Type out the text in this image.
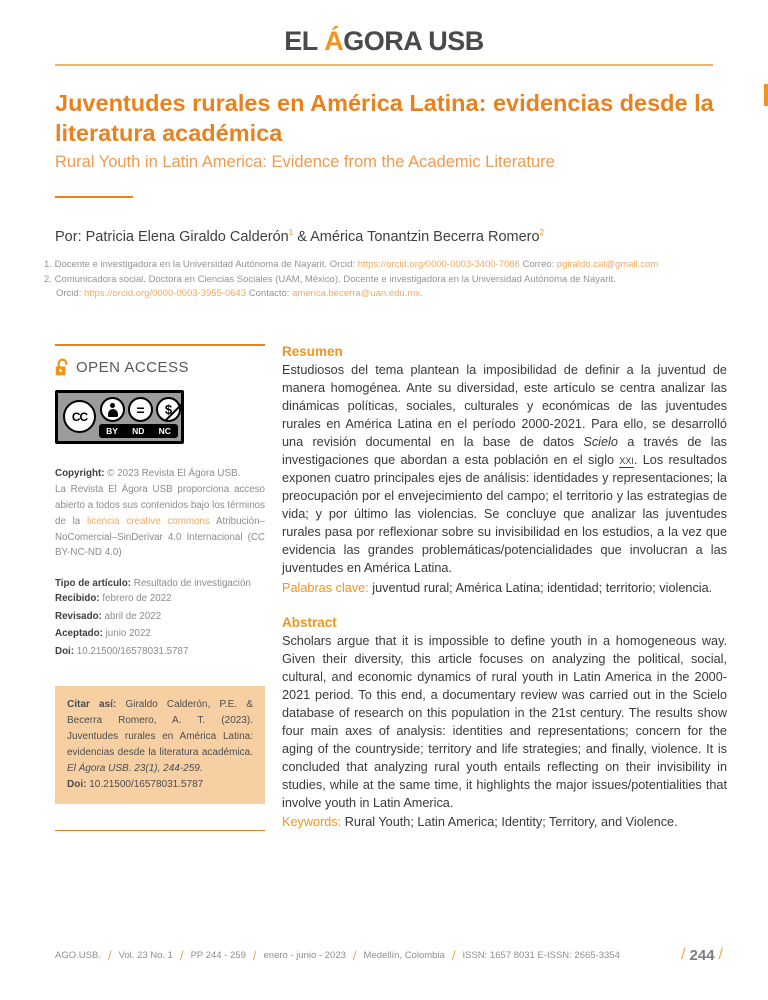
EL ÁGORA USB
Juventudes rurales en América Latina: evidencias desde la literatura académica
Rural Youth in Latin America: Evidence from the Academic Literature

Por: Patricia Elena Giraldo Calderón$^1$ & América Tonantzin Becerra Romero$^2$

1. Docente e investigadora en la Universidad Autónoma de Nayarit. Orcid: https://orcid.org/0000-0003-3400-7086 Correo: pgiraldo.cal@gmail.com
2. Comunicadora social. Doctora en Ciencias Sociales (UAM, México). Docente e investigadora en la Universidad Autónoma de Nayarit.
Orcid: https://orcid.org/0000-0003-3955-0643 Contacto: america.becerra@uan.edu.mx.
OPEN ACCESS
CC	= $
BY ND NC

Copyright: © 2023 Revista El Ágora USB.
La Revista El Ágora USB proporciona acceso abierto a todos sus contenidos bajo los términos de la licencia creative commons Atribución–NoComercial–SinDerivar 4.0 Internacional (CC BY-NC-ND 4.0)

Tipo de artículo: Resultado de investigación
Recibido: febrero de 2022
Revisado: abril de 2022
Aceptado: junio 2022
Doi: 10.21500/16578031.5787
Citar así: Giraldo Calderón, P.E. & Becerra Romero, A. T. (2023). Juventudes rurales en América Latina: evidencias desde la literatura académica. El Ágora USB. 23(1), 244-259.
Doi: 10.21500/16578031.5787
Resumen

Estudiosos del tema plantean la imposibilidad de definir a la juventud de manera homogénea. Ante su diversidad, este artículo se centra analizar las dinámicas políticas, sociales, culturales y económicas de las juventudes rurales en América Latina en el período 2000-2021. Para ello, se desarrolló una revisión documental en la base de datos Scielo a través de las investigaciones que abordan a esta población en el siglo xxi. Los resultados exponen cuatro principales ejes de análisis: identidades y representaciones; la preocupación por el envejecimiento del campo; el territorio y las estrategias de vida; y por último las violencias. Se concluye que analizar las juventudes rurales pasa por reflexionar sobre su invisibilidad en los estudios, a la vez que evidencia las grandes problemáticas/potencialidades que involucran a las juventudes en América Latina.

Palabras clave: juventud rural; América Latina; identidad; territorio; violencia.

Abstract

Scholars argue that it is impossible to define youth in a homogeneous way. Given their diversity, this article focuses on analyzing the political, social, cultural, and economic dynamics of rural youth in Latin America in the 2000-2021 period. To this end, a documentary review was carried out in the Scielo database of research on this population in the 21st century. The results show four main axes of analysis: identities and representations; concern for the aging of the countryside; territory and life strategies; and finally, violence. It is concluded that analyzing rural youth entails reflecting on their invisibility in studies, while at the same time, it highlights the major issues/potentialities that involve youth in Latin America.

Keywords: Rural Youth; Latin America; Identity; Territory, and Violence.

AGO.USB. / Vol. 23 No. 1 / PP 244 - 259 / enero - junio - 2023 / Medellín, Colombia / ISSN: 1657 8031 E-ISSN: 2665-3354	/ 244 /
